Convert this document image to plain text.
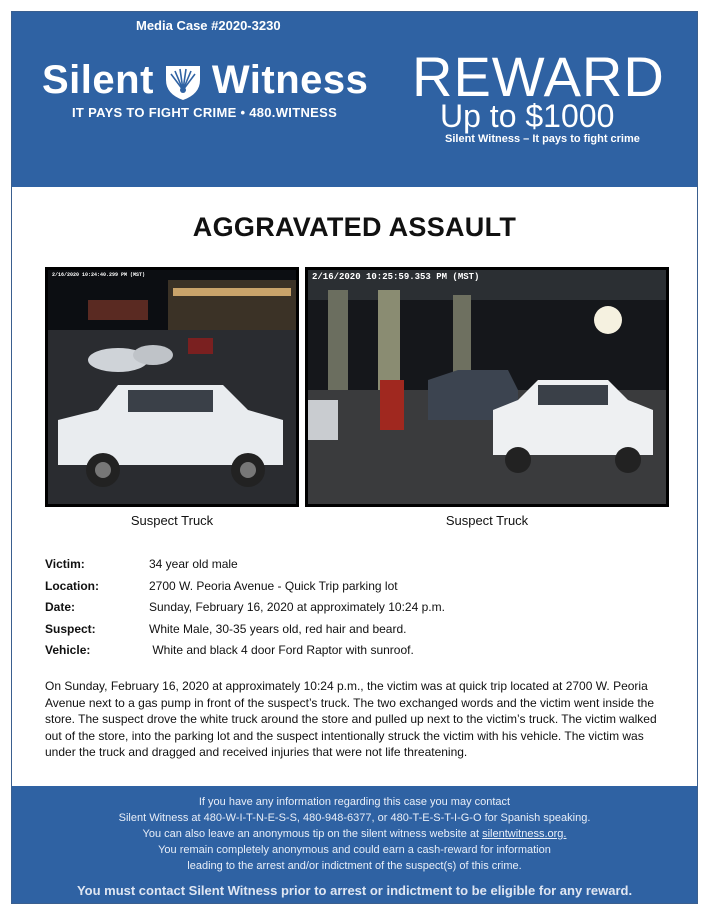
Media Case #2020-3230
Silent Witness
IT PAYS TO FIGHT CRIME • 480.WITNESS
REWARD
Up to $1000
Silent Witness – It pays to fight crime
AGGRAVATED ASSAULT
2/16/2020 10:24:40.299 PM (MST)
Suspect Truck
2/16/2020 10:25:59.353 PM (MST)
Suspect Truck
Victim:	34 year old male
Location:	2700 W. Peoria Avenue - Quick Trip parking lot
Date:	Sunday, February 16, 2020 at approximately 10:24 p.m.
Suspect:	White Male, 30-35 years old, red hair and beard.
Vehicle:	White and black 4 door Ford Raptor with sunroof.
On Sunday, February 16, 2020 at approximately 10:24 p.m., the victim was at quick trip located at 2700 W. Peoria Avenue next to a gas pump in front of the suspect’s truck. The two exchanged words and the victim went inside the store. The suspect drove the white truck around the store and pulled up next to the victim’s truck. The victim walked out of the store, into the parking lot and the suspect intentionally struck the victim with his vehicle. The victim was under the truck and dragged and received injuries that were not life threatening.
If you have any information regarding this case you may contact
Silent Witness at 480-W-I-T-N-E-S-S, 480-948-6377, or 480-T-E-S-T-I-G-O for Spanish speaking.
You can also leave an anonymous tip on the silent witness website at silentwitness.org.
You remain completely anonymous and could earn a cash-reward for information
leading to the arrest and/or indictment of the suspect(s) of this crime.
You must contact Silent Witness prior to arrest or indictment to be eligible for any reward.
